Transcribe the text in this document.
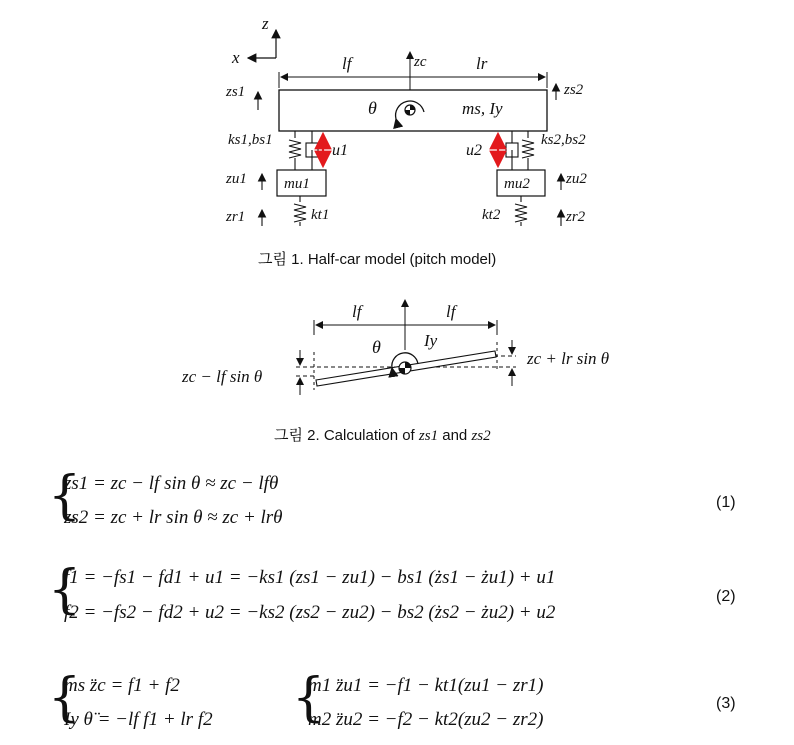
z
x	lf	zc	lr
zs1	zs2
θ	ms, Iy
ks1,bs1	ks2,bs2
u1	u2
zu1	zu2
mu1	mu2
zr1	zr2
kt1	kt2
그림 1. Half-car model (pitch model)
lf	lf
θ	Iy
zc − lf sin θ
zc + lr sin θ
그림 2. Calculation of zs1 and zs2
{
zs1 = zc − lf sin θ ≈ zc − lfθ
zs2 = zc + lr sin θ ≈ zc + lrθ
(1)
{
f1 = −fs1 − fd1 + u1 = −ks1 (zs1 − zu1) − bs1 (żs1 − żu1) + u1
f2 = −fs2 − fd2 + u2 = −ks2 (zs2 − zu2) − bs2 (żs2 − żu2) + u2
(2)
{
ms z̈c = f1 + f2
Iy θ̈ = −lf f1 + lr f2 {
m1 z̈u1 = −f1 − kt1(zu1 − zr1)
m2 z̈u2 = −f2 − kt2(zu2 − zr2)
(3)
